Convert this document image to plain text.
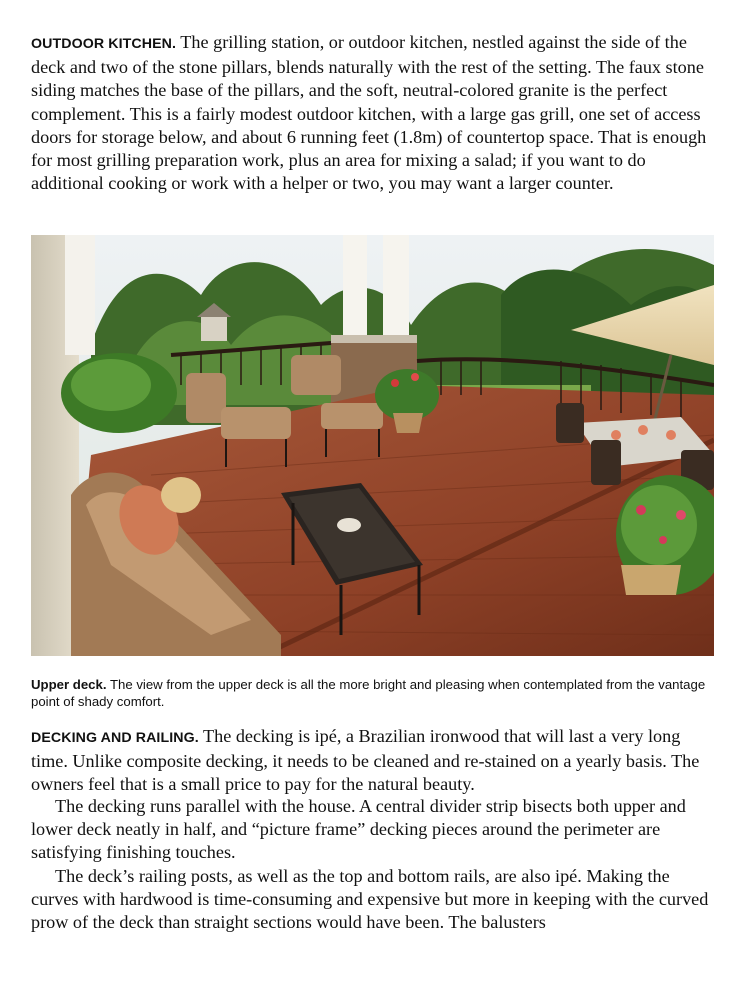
OUTDOOR KITCHEN. The grilling station, or outdoor kitchen, nestled against the side of the deck and two of the stone pillars, blends naturally with the rest of the setting. The faux stone siding matches the base of the pillars, and the soft, neutral-colored granite is the perfect complement. This is a fairly modest outdoor kitchen, with a large gas grill, one set of access doors for storage below, and about 6 running feet (1.8m) of countertop space. That is enough for most grilling preparation work, plus an area for mixing a salad; if you want to do additional cooking or work with a helper or two, you may want a larger counter.

Upper deck. The view from the upper deck is all the more bright and pleasing when contemplated from the vantage point of shady comfort.

DECKING AND RAILING. The decking is ipé, a Brazilian ironwood that will last a very long time. Unlike composite decking, it needs to be cleaned and re-stained on a yearly basis. The owners feel that is a small price to pay for the natural beauty.

The decking runs parallel with the house. A central divider strip bisects both upper and lower deck neatly in half, and “picture frame” decking pieces around the perimeter are satisfying finishing touches.

The deck’s railing posts, as well as the top and bottom rails, are also ipé. Making the curves with hardwood is time-consuming and expensive but more in keeping with the curved prow of the deck than straight sections would have been. The balusters
